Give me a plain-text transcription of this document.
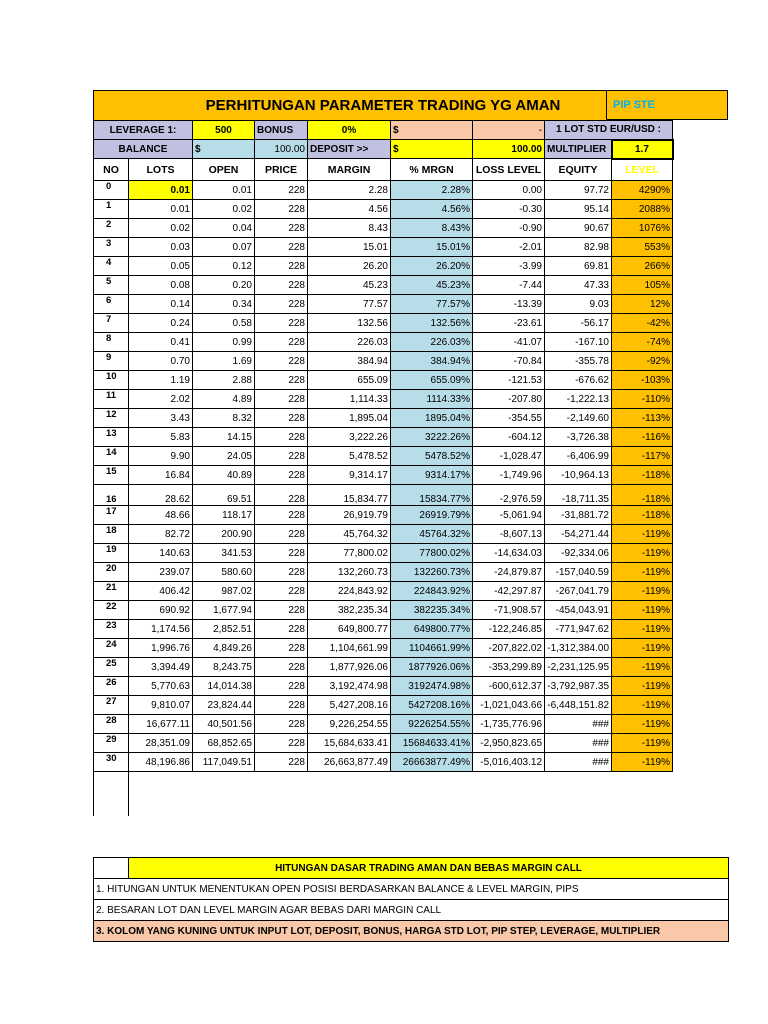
PIP STE
PERHITUNGAN PARAMETER TRADING YG AMAN								
LEVERAGE 1:		500	BONUS	0%	$	-	1 LOT STD EUR/USD :	
BALANCE		$	100.00	DEPOSIT >>	$	100.00	MULTIPLIER	1.7
NO	LOTS	OPEN	PRICE	MARGIN	% MRGN	LOSS LEVEL	EQUITY	LEVEL
0	0.01	0.01	228	2.28	2.28%	0.00	97.72	4290%
1	0.01	0.02	228	4.56	4.56%	-0.30	95.14	2088%
2	0.02	0.04	228	8.43	8.43%	-0.90	90.67	1076%
3	0.03	0.07	228	15.01	15.01%	-2.01	82.98	553%
4	0.05	0.12	228	26.20	26.20%	-3.99	69.81	266%
5	0.08	0.20	228	45.23	45.23%	-7.44	47.33	105%
6	0.14	0.34	228	77.57	77.57%	-13.39	9.03	12%
7	0.24	0.58	228	132.56	132.56%	-23.61	-56.17	-42%
8	0.41	0.99	228	226.03	226.03%	-41.07	-167.10	-74%
9	0.70	1.69	228	384.94	384.94%	-70.84	-355.78	-92%
10	1.19	2.88	228	655.09	655.09%	-121.53	-676.62	-103%
11	2.02	4.89	228	1,114.33	1114.33%	-207.80	-1,222.13	-110%
12	3.43	8.32	228	1,895.04	1895.04%	-354.55	-2,149.60	-113%
13	5.83	14.15	228	3,222.26	3222.26%	-604.12	-3,726.38	-116%
14	9.90	24.05	228	5,478.52	5478.52%	-1,028.47	-6,406.99	-117%
15	16.84	40.89	228	9,314.17	9314.17%	-1,749.96	-10,964.13	-118%
16	28.62	69.51	228	15,834.77	15834.77%	-2,976.59	-18,711.35	-118%
17	48.66	118.17	228	26,919.79	26919.79%	-5,061.94	-31,881.72	-118%
18	82.72	200.90	228	45,764.32	45764.32%	-8,607.13	-54,271.44	-119%
19	140.63	341.53	228	77,800.02	77800.02%	-14,634.03	-92,334.06	-119%
20	239.07	580.60	228	132,260.73	132260.73%	-24,879.87	-157,040.59	-119%
21	406.42	987.02	228	224,843.92	224843.92%	-42,297.87	-267,041.79	-119%
22	690.92	1,677.94	228	382,235.34	382235.34%	-71,908.57	-454,043.91	-119%
23	1,174.56	2,852.51	228	649,800.77	649800.77%	-122,246.85	-771,947.62	-119%
24	1,996.76	4,849.26	228	1,104,661.99	1104661.99%	-207,822.02	-1,312,384.00	-119%
25	3,394.49	8,243.75	228	1,877,926.06	1877926.06%	-353,299.89	-2,231,125.95	-119%
26	5,770.63	14,014.38	228	3,192,474.98	3192474.98%	-600,612.37	-3,792,987.35	-119%
27	9,810.07	23,824.44	228	5,427,208.16	5427208.16%	-1,021,043.66	-6,448,151.82	-119%
28	16,677.11	40,501.56	228	9,226,254.55	9226254.55%	-1,735,776.96	###	-119%
29	28,351.09	68,852.65	228	15,684,633.41	15684633.41%	-2,950,823.65	###	-119%
30	48,196.86	117,049.51	228	26,663,877.49	26663877.49%	-5,016,403.12	###	-119%

	HITUNGAN DASAR TRADING AMAN DAN BEBAS MARGIN CALL
1. HITUNGAN UNTUK MENENTUKAN OPEN POSISI BERDASARKAN BALANCE & LEVEL MARGIN, PIPS
2. BESARAN LOT DAN LEVEL MARGIN AGAR BEBAS DARI MARGIN CALL
3. KOLOM YANG KUNING UNTUK INPUT LOT, DEPOSIT, BONUS, HARGA STD LOT, PIP STEP, LEVERAGE, MULTIPLIER
